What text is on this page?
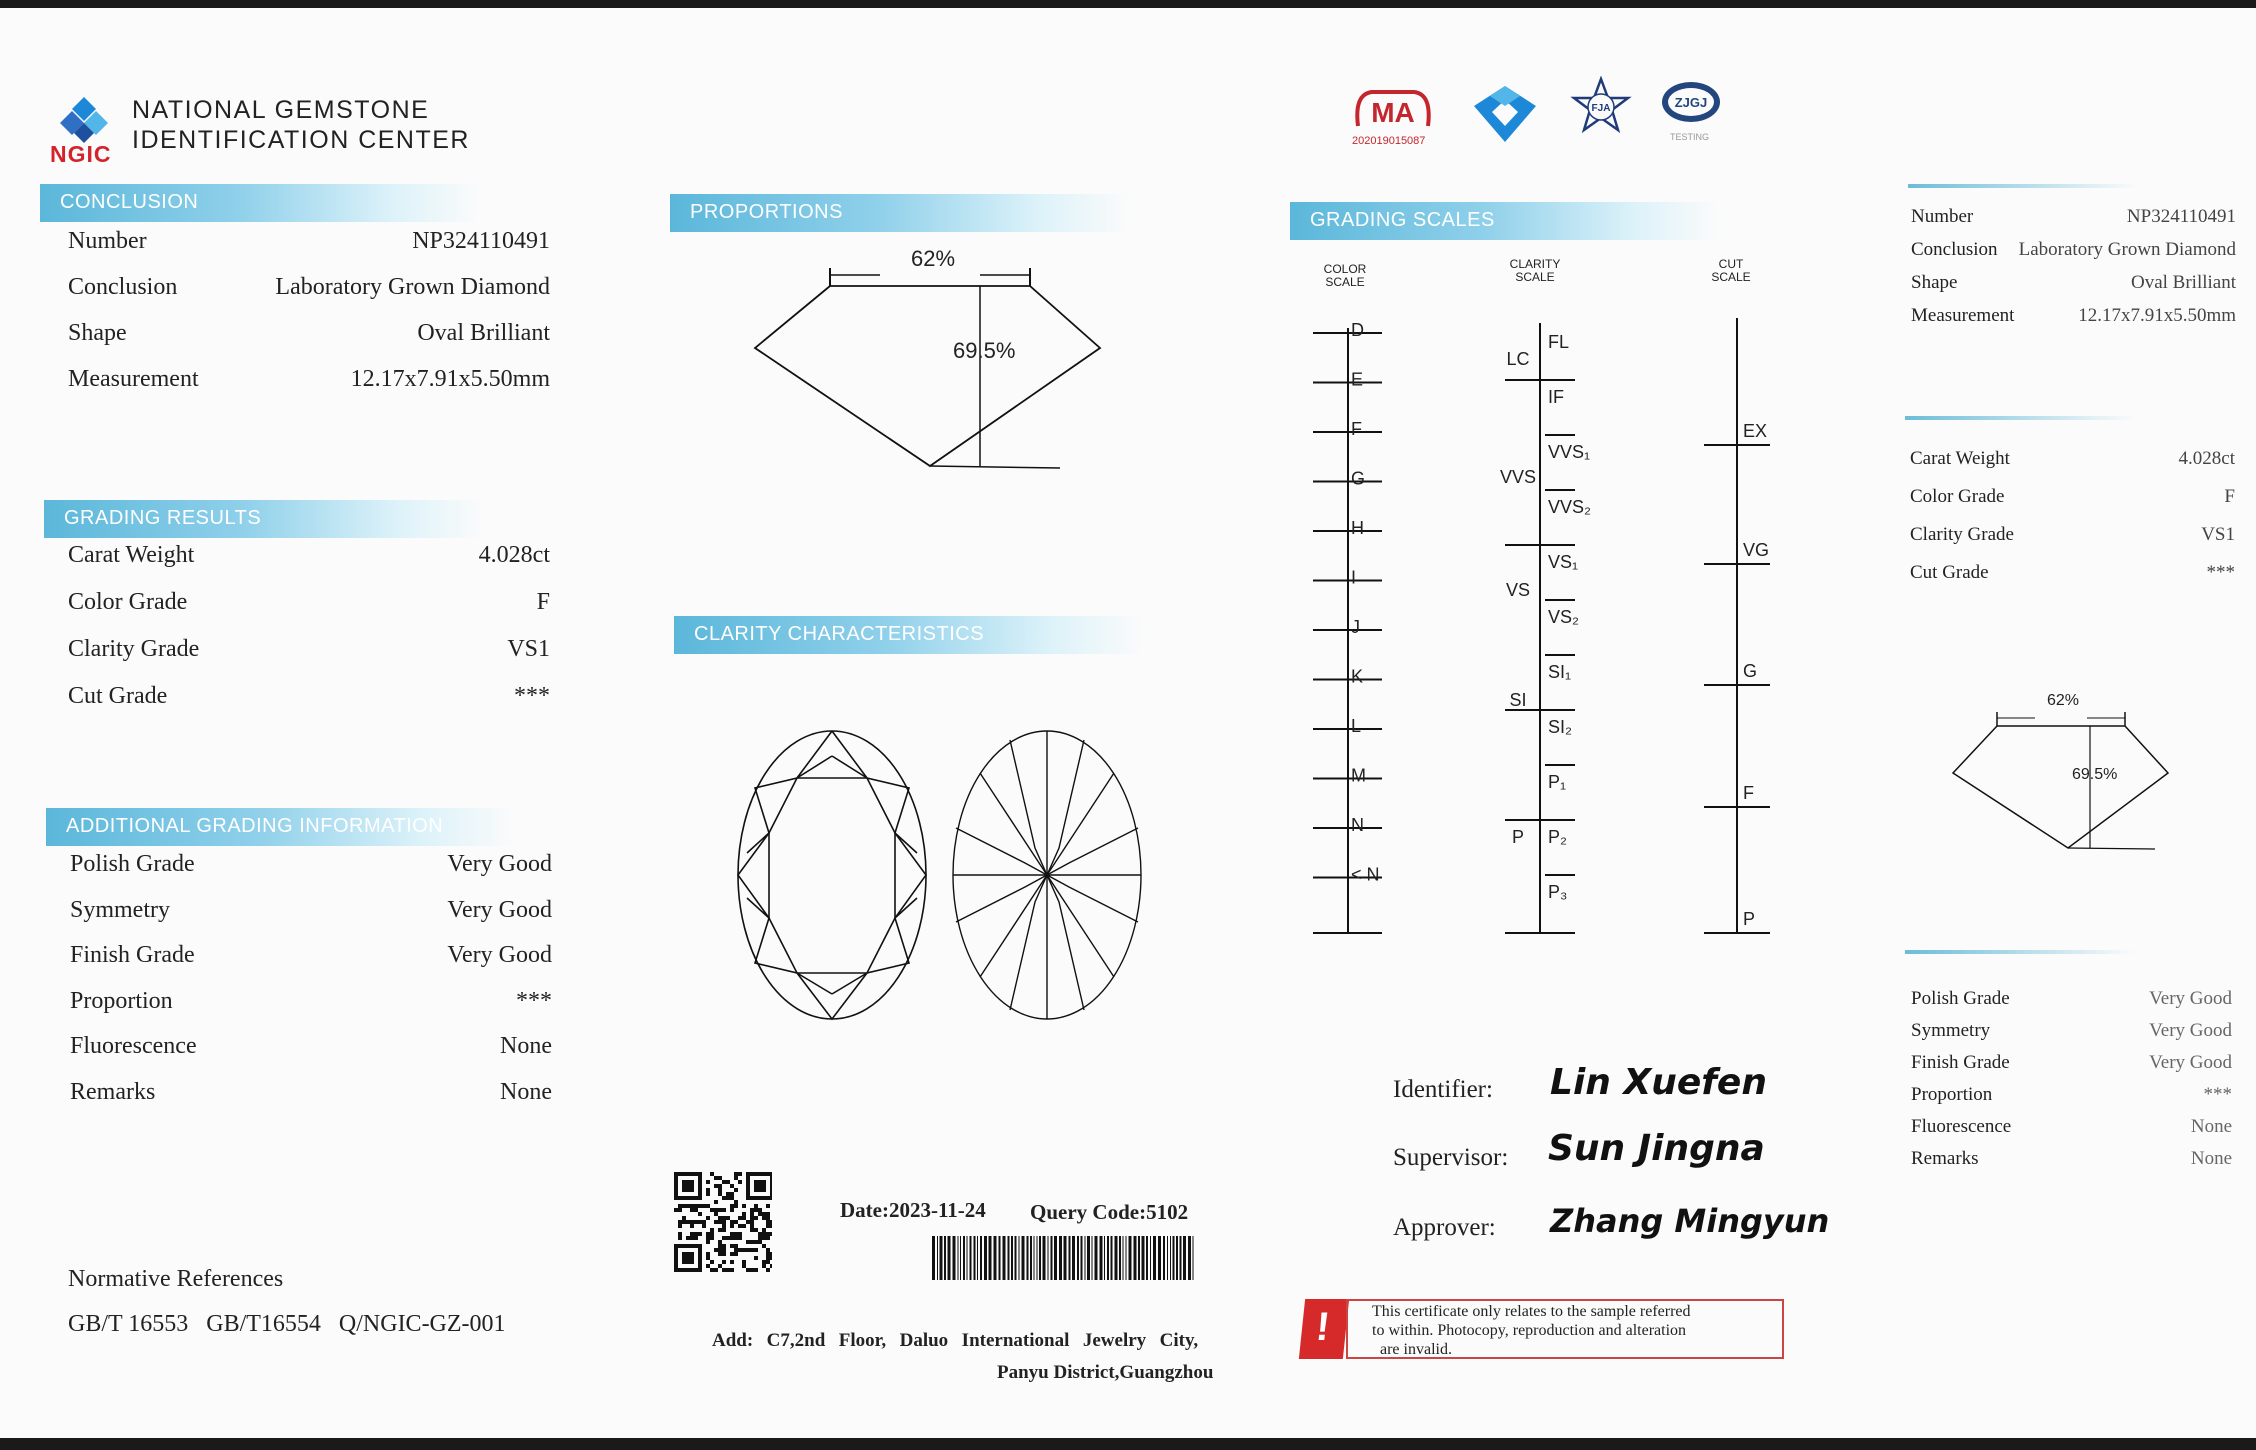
NGIC
NATIONAL GEMSTONE
IDENTIFICATION CENTER
CONCLUSION
Number	NP324110491
Conclusion	Laboratory Grown Diamond
Shape	Oval Brilliant
Measurement	12.17x7.91x5.50mm
GRADING RESULTS
Carat Weight	4.028ct
Color Grade	F
Clarity Grade	VS1
Cut Grade	***
ADDITIONAL GRADING INFORMATION
Polish Grade	Very Good
Symmetry	Very Good
Finish Grade	Very Good
Proportion	***
Fluorescence	None
Remarks	None
Normative References
GB/T 16553   GB/T16554   Q/NGIC-GZ-001
PROPORTIONS
62%
69.5%
CLARITY CHARACTERISTICS
Date:2023-11-24 Query Code:5102
Add:  C7,2nd  Floor,  Daluo  International  Jewelry  City,
Panyu District,Guangzhou
MA
202019015087
FJA	ZJGJ
TESTING
GRADING SCALES
COLOR
SCALE
CLARITY
SCALE
CUT
SCALE
D
E
F
G
H
I
J
K
L
M
N
< N
FL
IF
VVS₁
VVS₂
VS₁
VS₂
SI₁
SI₂
P₁
P₂
P₃
LC
VVS
VS
SI
P
EX
VG
G
F
P
Identifier: Lin Xuefen
Supervisor: Sun Jingna
Approver: Zhang Mingyun
!	This certificate only relates to the sample referred
to within. Photocopy, reproduction and alteration
are invalid.
Number	NP324110491
Conclusion Laboratory Grown Diamond
Shape	Oval Brilliant
Measurement	12.17x7.91x5.50mm
Carat Weight	4.028ct
Color Grade	F
Clarity Grade	VS1
Cut Grade	***
62%
69.5%
Polish Grade	Very Good
Symmetry	Very Good
Finish Grade	Very Good
Proportion	***
Fluorescence	None
Remarks	None
